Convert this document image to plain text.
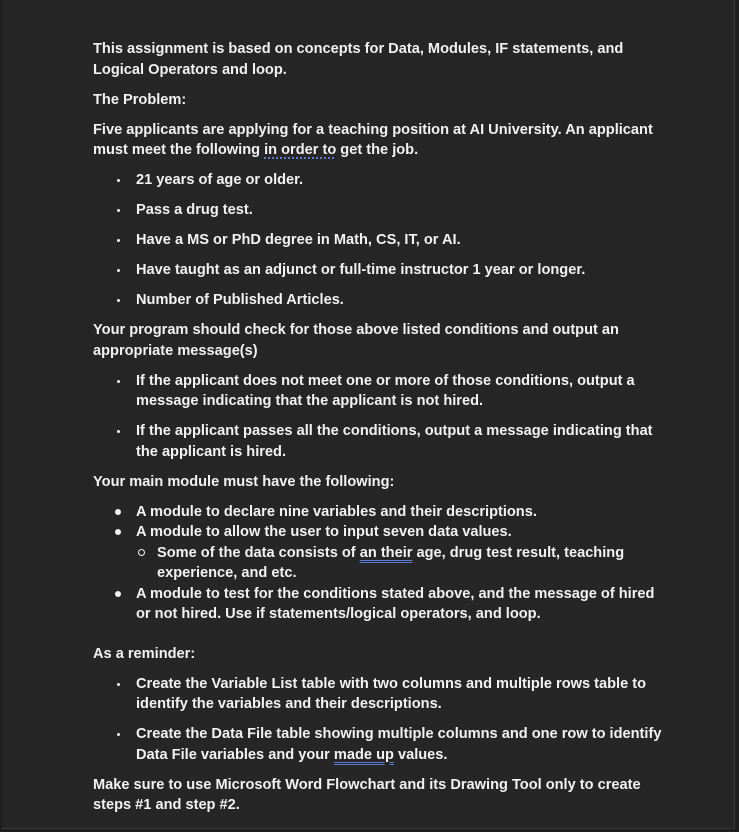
This assignment is based on concepts for Data, Modules, IF statements, and Logical Operators and loop.

The Problem:

Five applicants are applying for a teaching position at AI University. An applicant must meet the following in order to get the job.

21 years of age or older.
Pass a drug test.
Have a MS or PhD degree in Math, CS, IT, or AI.
Have taught as an adjunct or full-time instructor 1 year or longer.
Number of Published Articles.

Your program should check for those above listed conditions and output an appropriate message(s)

If the applicant does not meet one or more of those conditions, output a message indicating that the applicant is not hired.
If the applicant passes all the conditions, output a message indicating that the applicant is hired.

Your main module must have the following:

A module to declare nine variables and their descriptions.
A module to allow the user to input seven data values.
Some of the data consists of an their age, drug test result, teaching experience, and etc.
A module to test for the conditions stated above, and the message of hired or not hired. Use if statements/logical operators, and loop.

As a reminder:

Create the Variable List table with two columns and multiple rows table to identify the variables and their descriptions.
Create the Data File table showing multiple columns and one row to identify Data File variables and your made up values.

Make sure to use Microsoft Word Flowchart and its Drawing Tool only to create steps #1 and step #2.
